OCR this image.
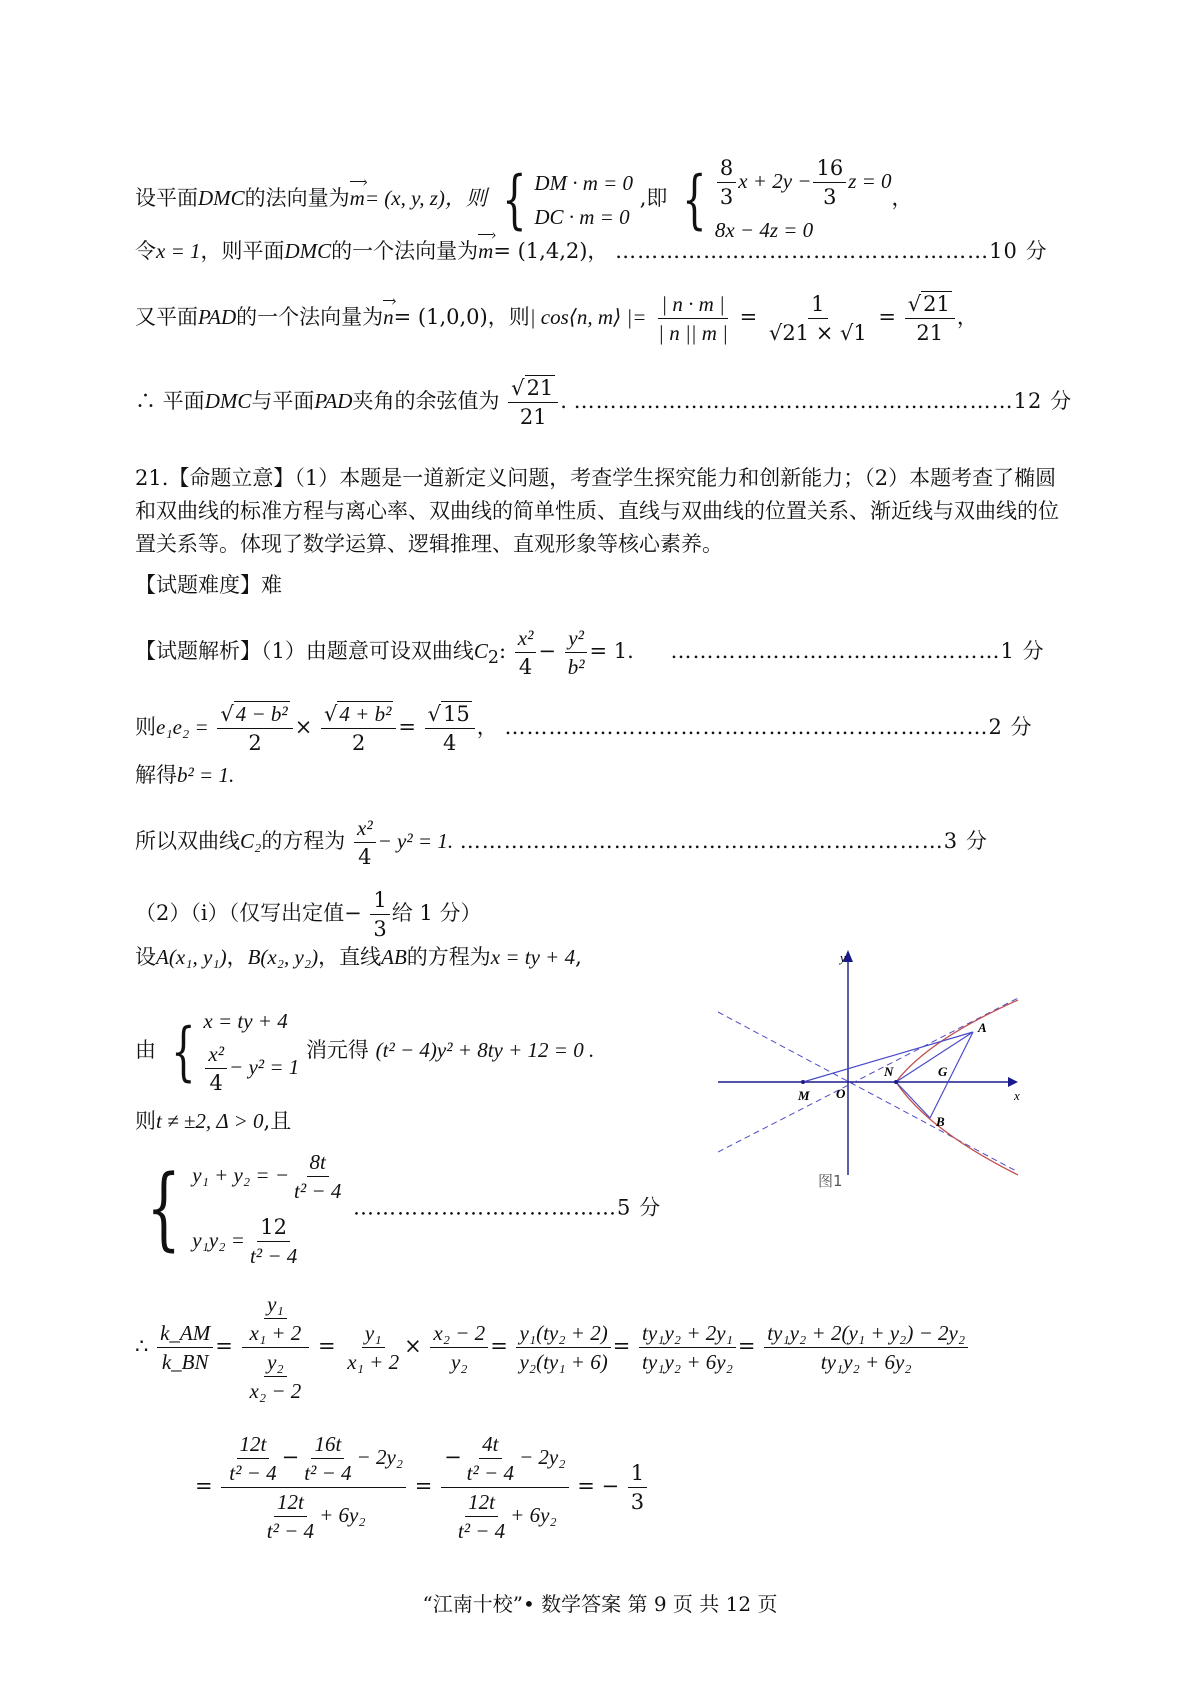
设平面DMC的法向量为m ›= (x, y, z)，则 { DM · m = 0
DC · m = 0
,即 { $\frac{8}{3}$ $x + 2y - \frac{16}{3}$ z = 0
8x − 4z = 0
，
令x = 1，则平面DMC的一个法向量为m ›= (1,4,2)， ……………………………………………10 分
又平面PAD的一个法向量为n ›= (1,0,0)，则| cos⟨n, m⟩ |= $\frac{| n \cdot m |}{| n || m |} = \frac{1}{√21 \times √1} = \frac{√21}{21}$ ，
∴ 平面DMC与平面PAD夹角的余弦值为 $\frac{√21}{21}$ . ……………………………………………………12 分
21.【命题立意】（1）本题是一道新定义问题，考查学生探究能力和创新能力；（2）本题考查了椭圆和双曲线的标准方程与离心率、双曲线的简单性质、直线与双曲线的位置关系、渐近线与双曲线的位置关系等。体现了数学运算、逻辑推理、直观形象等核心素养。
【试题难度】难
【试题解析】（1）由题意可设双曲线$C_2$: $\frac{\text{x²}}{4} - \frac{\text{y²}}{\text{b²}} = 1$. ………………………………………1 分
则$e_1e_2 = \frac{\text{√4 − b²}}{2} \times \frac{\text{√4 + b²}}{2} = \frac{√15}{4}$ ， …………………………………………………………2 分
解得b² = 1.
所以双曲线C₂的方程为 $\frac{\text{x²}}{4} - y^2 = 1$. …………………………………………………………3 分
（2）（i）（仅写出定值− $\frac{1}{3}$ 给 1 分）
设A(x₁, y₁)，B(x₂, y₂)，直线AB的方程为x = ty + 4,
由 { x = ty + 4
$\frac{\text{x²}}{4} - y^2 = 1$
消元得 (t² − 4)y² + 8ty + 12 = 0 .
则t ≠ ±2, Δ > 0,且
{ y₁ + y₂ = − $\frac{8t}{\text{t² − 4}}$
$y_1y_2 = \frac{12}{\text{t² − 4}}$
………………………………5 分
∴ $\frac{k\_AM}{k\_BN} = \frac{\frac{\text{y₁}}{\text{x₁ + 2}}}{\frac{\text{y₂}}{\text{x₂ − 2}}} = \frac{\text{y₁}}{\text{x₁ + 2}} \times \frac{\text{x₂ − 2}}{\text{y₂}} = \frac{\text{y₁(ty₂ + 2)}}{\text{y₂(ty₁ + 6)}} = \frac{\text{ty₁y₂ + 2y₁}}{\text{ty₁y₂ + 6y₂}} = \frac{\text{ty₁y₂ + 2(y₁ + y₂) − 2y₂}}{\text{ty₁y₂ + 6y₂}}$
= $\frac{\frac{12t}{\text{t² − 4}} - \frac{16t}{\text{t² − 4}} - 2y_2}{\frac{12t}{\text{t² − 4}} + 6y_2} = \frac{- \frac{4t}{\text{t² − 4}} - 2y_2}{\frac{12t}{\text{t² − 4}} + 6y_2}$ = − $\frac{1}{3}$
y
x
M O
N
A
G
B
图1
“江南十校”• 数学答案 第 9 页 共 12 页
